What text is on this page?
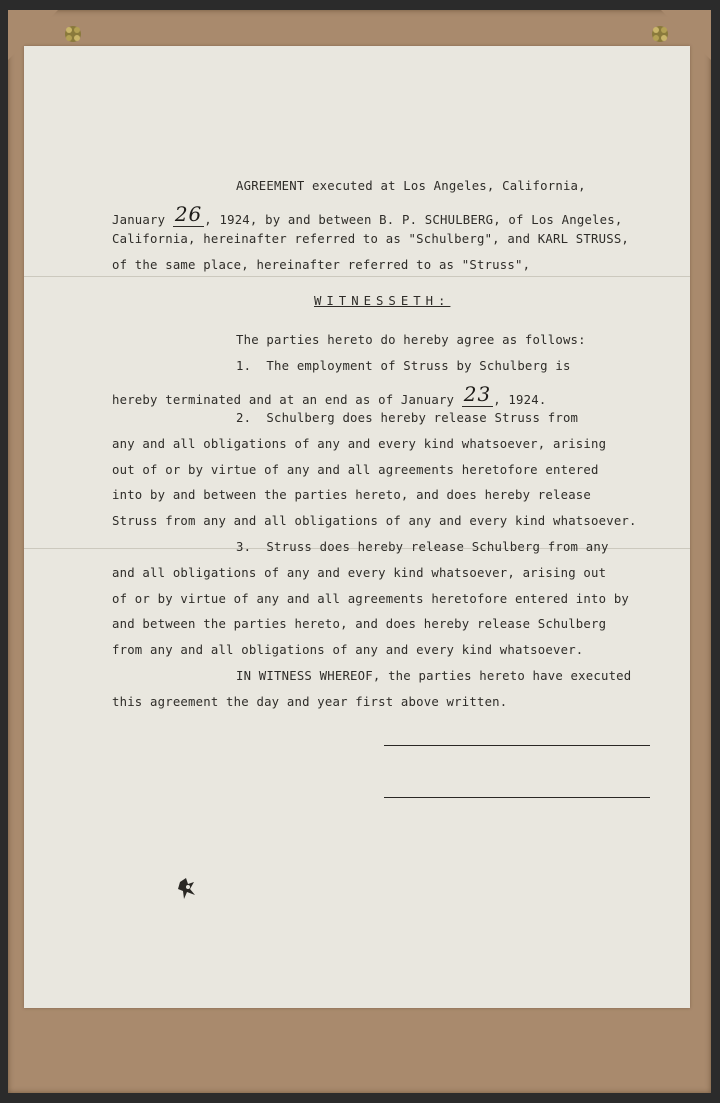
AGREEMENT executed at Los Angeles, California,

January 26 , 1924, by and between B. P. SCHULBERG, of Los Angeles,

California, hereinafter referred to as "Schulberg", and KARL STRUSS,

of the same place, hereinafter referred to as "Struss",

WITNESSETH:

The parties hereto do hereby agree as follows:

1.  The employment of Struss by Schulberg is

hereby terminated and at an end as of January 23 , 1924.

2.  Schulberg does hereby release Struss from

any and all obligations of any and every kind whatsoever, arising

out of or by virtue of any and all agreements heretofore entered

into by and between the parties hereto, and does hereby release

Struss from any and all obligations of any and every kind whatsoever.

3.  Struss does hereby release Schulberg from any

and all obligations of any and every kind whatsoever, arising out

of or by virtue of any and all agreements heretofore entered into by

and between the parties hereto, and does hereby release Schulberg

from any and all obligations of any and every kind whatsoever.

IN WITNESS WHEREOF, the parties hereto have executed

this agreement the day and year first above written.
